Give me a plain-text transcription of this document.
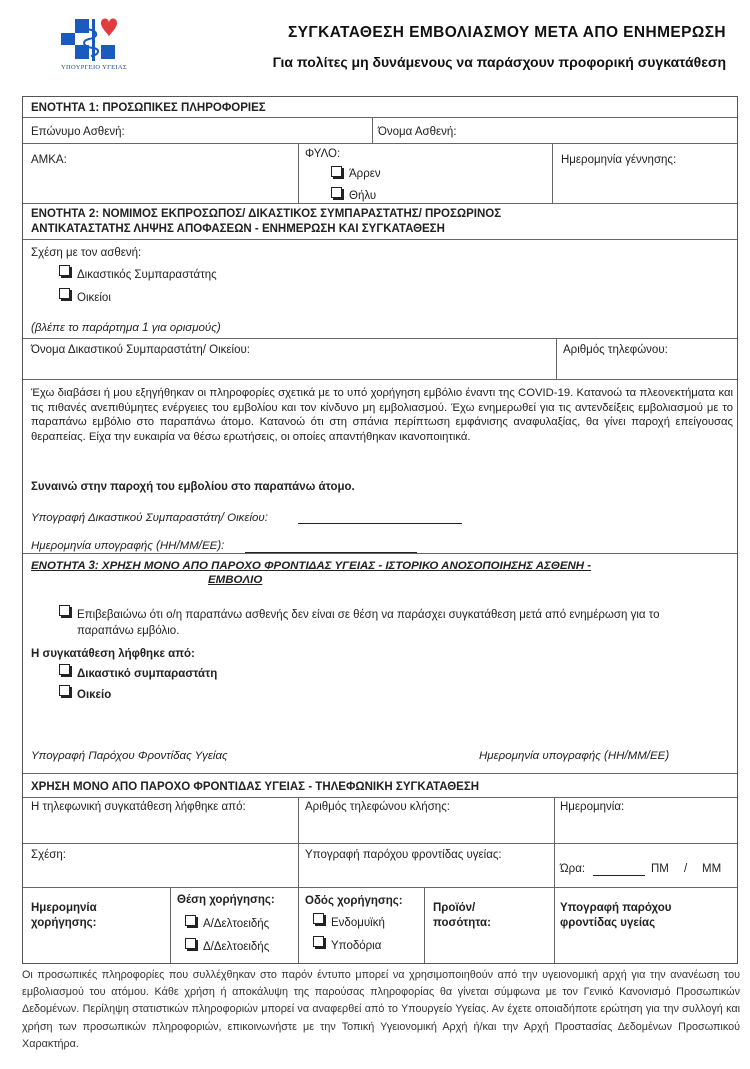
ΥΠΟΥΡΓΕΙΟ ΥΓΕΙΑΣ
ΣΥΓΚΑΤΑΘΕΣΗ ΕΜΒΟΛΙΑΣΜΟΥ ΜΕΤΑ ΑΠΟ ΕΝΗΜΕΡΩΣΗ
Για πολίτες μη δυνάμενους να παράσχουν προφορική συγκατάθεση
ΕΝΟΤΗΤΑ 1: ΠΡΟΣΩΠΙΚΕΣ ΠΛΗΡΟΦΟΡΙΕΣ
Επώνυμο Ασθενή:	Όνομα Ασθενή:
ΑΜΚΑ:	ΦΥΛΟ:
Άρρεν
Θήλυ
Ημερομηνία γέννησης:
ΕΝΟΤΗΤΑ 2: ΝΟΜΙΜΟΣ ΕΚΠΡΟΣΩΠΟΣ/ ΔΙΚΑΣΤΙΚΟΣ ΣΥΜΠΑΡΑΣΤΑΤΗΣ/ ΠΡΟΣΩΡΙΝΟΣ
ΑΝΤΙΚΑΤΑΣΤΑΤΗΣ ΛΗΨΗΣ ΑΠΟΦΑΣΕΩΝ - ΕΝΗΜΕΡΩΣΗ ΚΑΙ ΣΥΓΚΑΤΑΘΕΣΗ
Σχέση με τον ασθενή:
Δικαστικός Συμπαραστάτης
Οικείοι
(βλέπε το παράρτημα 1 για ορισμούς)
Όνομα Δικαστικού Συμπαραστάτη/ Οικείου:	Αριθμός τηλεφώνου:
Έχω διαβάσει ή μου εξηγήθηκαν οι πληροφορίες σχετικά με το υπό χορήγηση εμβόλιο έναντι της COVID-19. Κατανοώ τα πλεονεκτήματα και τις πιθανές ανεπιθύμητες ενέργειες του εμβολίου και τον κίνδυνο μη εμβολιασμού. Έχω ενημερωθεί για τις αντενδείξεις εμβολιασμού με το παραπάνω εμβόλιο στο παραπάνω άτομο. Κατανοώ ότι στη σπάνια περίπτωση εμφάνισης αναφυλαξίας, θα γίνει παροχή επείγουσας θεραπείας. Είχα την ευκαιρία να θέσω ερωτήσεις, οι οποίες απαντήθηκαν ικανοποιητικά.
Συναινώ στην παροχή του εμβολίου στο παραπάνω άτομο.
Υπογραφή Δικαστικού Συμπαραστάτη/ Οικείου:
Ημερομηνία υπογραφής (ΗΗ/ΜΜ/ΕΕ):
ΕΝΟΤΗΤΑ 3: ΧΡΗΣΗ ΜΟΝΟ ΑΠΟ ΠΑΡΟΧΟ ΦΡΟΝΤΙΔΑΣ ΥΓΕΙΑΣ - ΙΣΤΟΡΙΚΟ ΑΝΟΣΟΠΟΙΗΣΗΣ ΑΣΘΕΝΗ -
ΕΜΒΟΛΙΟ
Επιβεβαιώνω ότι ο/η παραπάνω ασθενής δεν είναι σε θέση να παράσχει συγκατάθεση μετά από ενημέρωση για το
παραπάνω εμβόλιο.
Η συγκατάθεση λήφθηκε από:
Δικαστικό συμπαραστάτη
Οικείο
Υπογραφή Παρόχου Φροντίδας Υγείας	Ημερομηνία υπογραφής (ΗΗ/ΜΜ/ΕΕ)
ΧΡΗΣΗ ΜΟΝΟ ΑΠΟ ΠΑΡΟΧΟ ΦΡΟΝΤΙΔΑΣ ΥΓΕΙΑΣ - ΤΗΛΕΦΩΝΙΚΗ ΣΥΓΚΑΤΑΘΕΣΗ
Η τηλεφωνική συγκατάθεση λήφθηκε από:	Αριθμός τηλεφώνου κλήσης:	Ημερομηνία:
Σχέση:	Υπογραφή παρόχου φροντίδας υγείας:
Ώρα:	ΠΜ / ΜΜ
Ημερομηνία
χορήγησης:
Θέση χορήγησης:
Α/Δελτοειδής
Δ/Δελτοειδής
Οδός χορήγησης:
Ενδομυϊκή
Υποδόρια
Προϊόν/
ποσότητα:
Υπογραφή παρόχου
φροντίδας υγείας
Οι προσωπικές πληροφορίες που συλλέχθηκαν στο παρόν έντυπο μπορεί να χρησιμοποιηθούν από την υγειονομική αρχή για την ανανέωση του εμβολιασμού του ατόμου. Κάθε χρήση ή αποκάλυψη της παρούσας πληροφορίας θα γίνεται σύμφωνα με τον Γενικό Κανονισμό Προσωπικών Δεδομένων. Περίληψη στατιστικών πληροφοριών μπορεί να αναφερθεί από το Υπουργείο Υγείας. Αν έχετε οποιαδήποτε ερώτηση για την συλλογή και χρήση των προσωπικών πληροφοριών, επικοινωνήστε με την Τοπική Υγειονομική Αρχή ή/και την Αρχή Προστασίας Δεδομένων Προσωπικού Χαρακτήρα.
